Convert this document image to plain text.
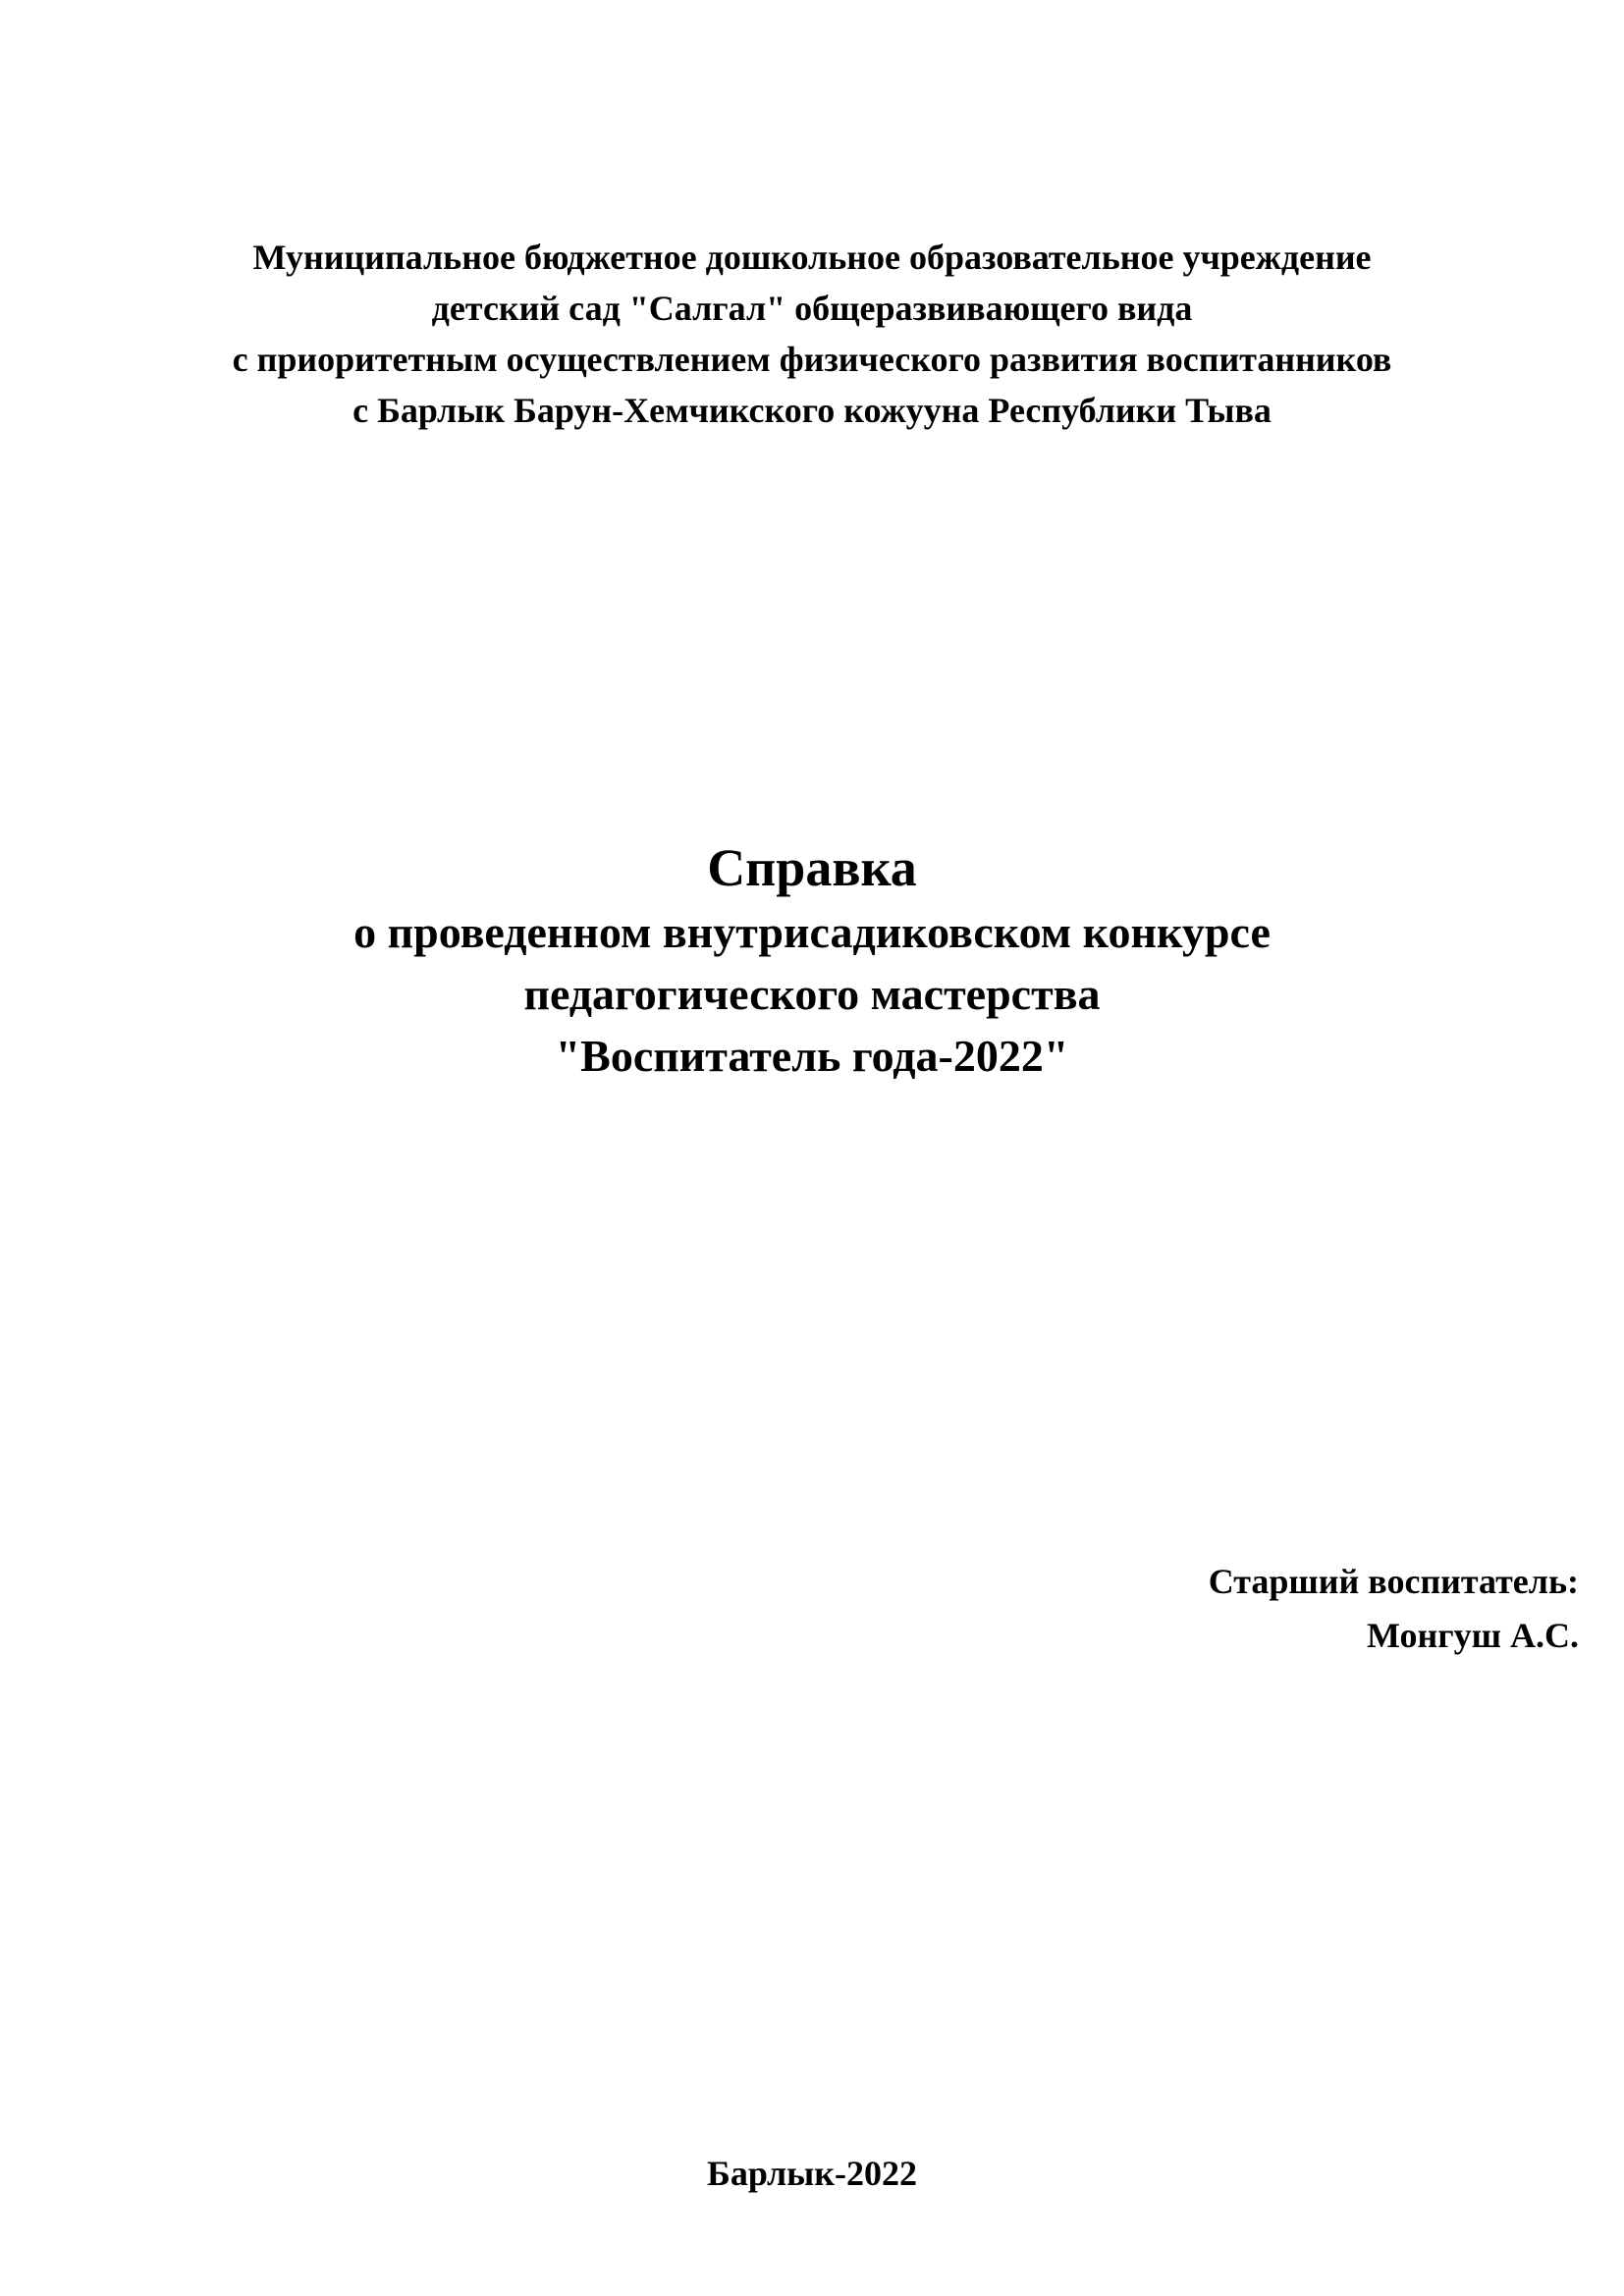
Муниципальное бюджетное дошкольное образовательное учреждение
детский сад "Салгал" общеразвивающего вида
с приоритетным осуществлением физического развития воспитанников
с Барлык Барун-Хемчикского кожууна Республики Тыва
Справка
о проведенном внутрисадиковском конкурсе
педагогического мастерства
"Воспитатель года-2022"
Старший воспитатель:
Монгуш А.С.
Барлык-2022
